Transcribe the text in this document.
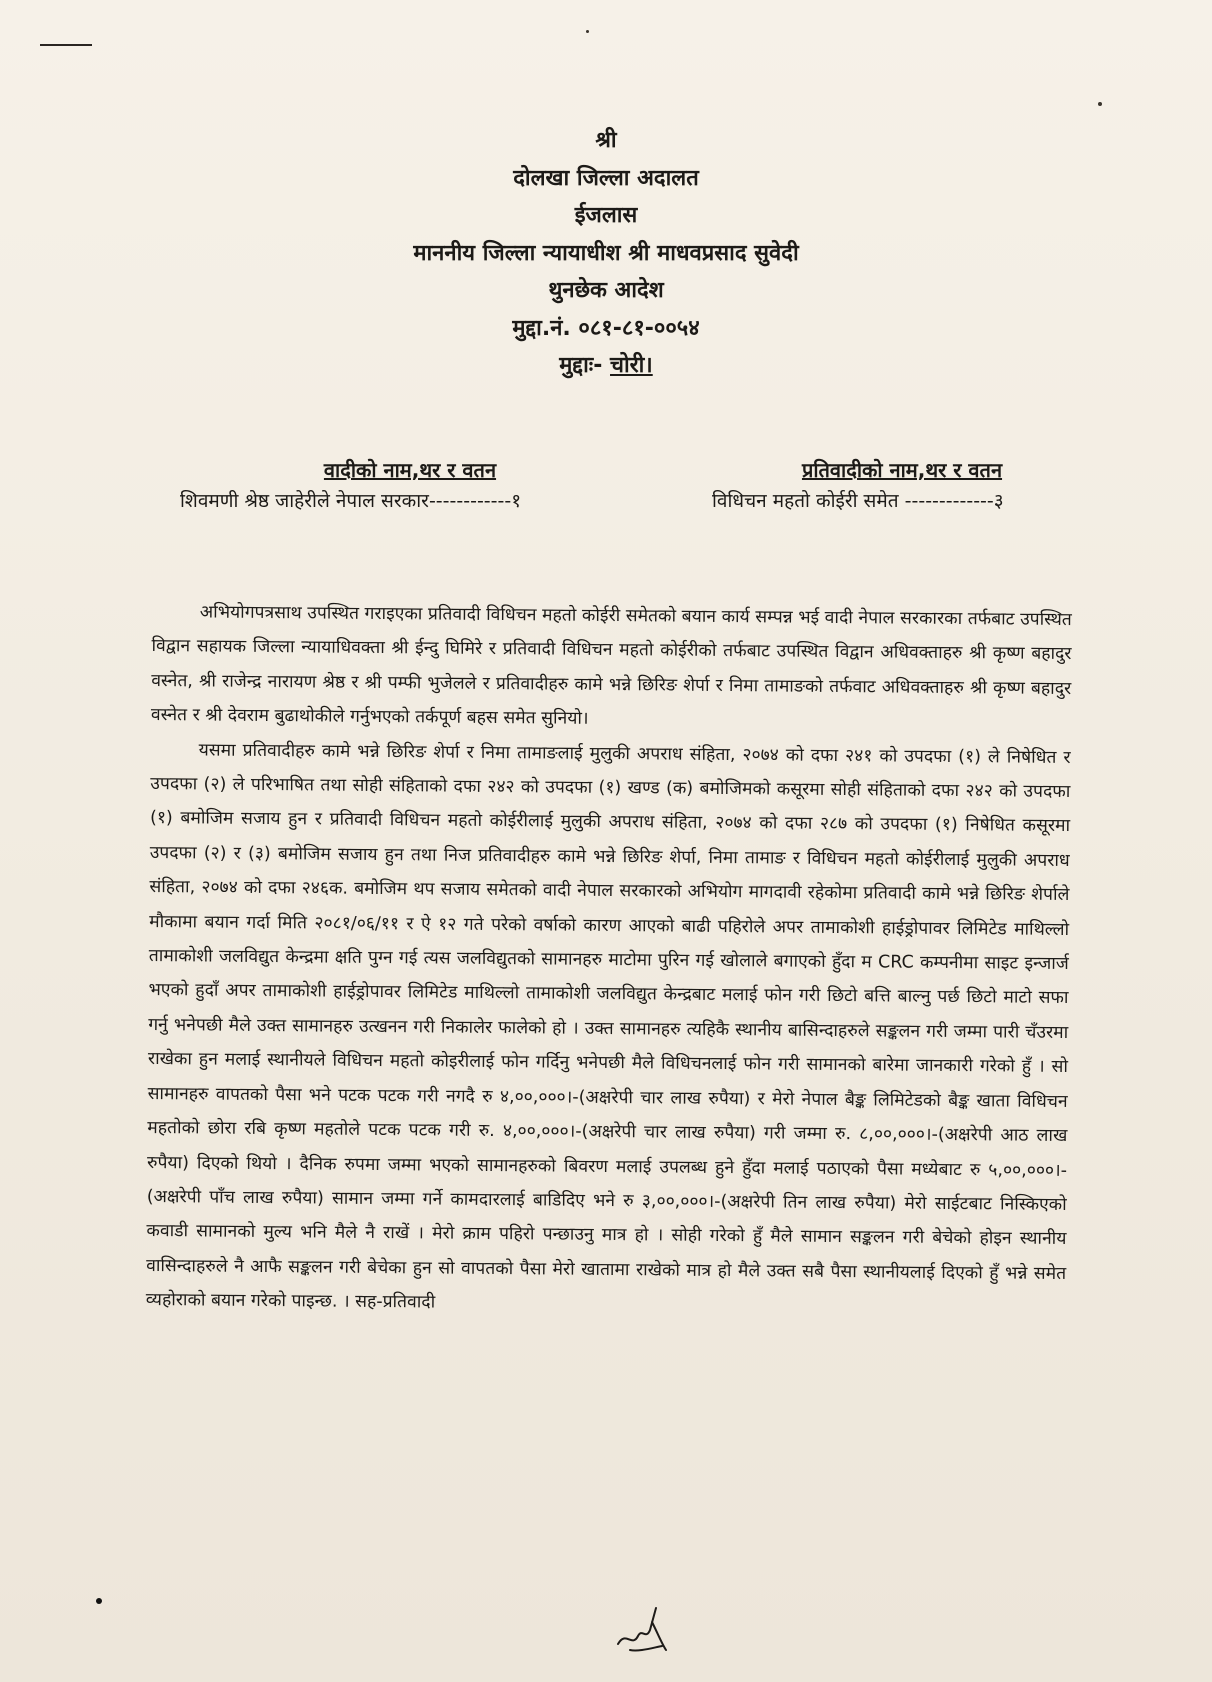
श्री
दोलखा जिल्ला अदालत
ईजलास
माननीय जिल्ला न्यायाधीश श्री माधवप्रसाद सुवेदी
थुनछेक आदेश
मुद्दा.नं. ०८१-८१-००५४
मुद्दाः- चोरी।
वादीको नाम,थर र वतन
शिवमणी श्रेष्ठ जाहेरीले नेपाल सरकार------------१
प्रतिवादीको नाम,थर र वतन
विधिचन महतो कोईरी समेत -------------३

अभियोगपत्रसाथ उपस्थित गराइएका प्रतिवादी विधिचन महतो कोईरी समेतको बयान कार्य सम्पन्न भई वादी नेपाल सरकारका तर्फबाट उपस्थित विद्वान सहायक जिल्ला न्यायाधिवक्ता श्री ईन्दु घिमिरे र प्रतिवादी विधिचन महतो कोईरीको तर्फबाट उपस्थित विद्वान अधिवक्ताहरु श्री कृष्ण बहादुर वस्नेत, श्री राजेन्द्र नारायण श्रेष्ठ र श्री पम्फी भुजेलले र प्रतिवादीहरु कामे भन्ने छिरिङ शेर्पा र निमा तामाङको तर्फवाट अधिवक्ताहरु श्री कृष्ण बहादुर वस्नेत र श्री देवराम बुढाथोकीले गर्नुभएको तर्कपूर्ण बहस समेत सुनियो।

यसमा प्रतिवादीहरु कामे भन्ने छिरिङ शेर्पा र निमा तामाङलाई मुलुकी अपराध संहिता, २०७४ को दफा २४१ को उपदफा (१) ले निषेधित र उपदफा (२) ले परिभाषित तथा सोही संहिताको दफा २४२ को उपदफा (१) खण्ड (क) बमोजिमको कसूरमा सोही संहिताको दफा २४२ को उपदफा (१) बमोजिम सजाय हुन र प्रतिवादी विधिचन महतो कोईरीलाई मुलुकी अपराध संहिता, २०७४ को दफा २८७ को उपदफा (१) निषेधित कसूरमा उपदफा (२) र (३) बमोजिम सजाय हुन तथा निज प्रतिवादीहरु कामे भन्ने छिरिङ शेर्पा, निमा तामाङ र विधिचन महतो कोईरीलाई मुलुकी अपराध संहिता, २०७४ को दफा २४६क. बमोजिम थप सजाय समेतको वादी नेपाल सरकारको अभियोग मागदावी रहेकोमा प्रतिवादी कामे भन्ने छिरिङ शेर्पाले मौकामा बयान गर्दा मिति २०८१/०६/११ र ऐ १२ गते परेको वर्षाको कारण आएको बाढी पहिरोले अपर तामाकोशी हाईड्रोपावर लिमिटेड माथिल्लो तामाकोशी जलविद्युत केन्द्रमा क्षति पुग्न गई त्यस जलविद्युतको सामानहरु माटोमा पुरिन गई खोलाले बगाएको हुँदा म CRC कम्पनीमा साइट इन्जार्ज भएको हुदाँ अपर तामाकोशी हाईड्रोपावर लिमिटेड माथिल्लो तामाकोशी जलविद्युत केन्द्रबाट मलाई फोन गरी छिटो बत्ति बाल्नु पर्छ छिटो माटो सफा गर्नु भनेपछी मैले उक्त सामानहरु उत्खनन गरी निकालेर फालेको हो । उक्त सामानहरु त्यहिकै स्थानीय बासिन्दाहरुले सङ्कलन गरी जम्मा पारी चँउरमा राखेका हुन मलाई स्थानीयले विधिचन महतो कोइरीलाई फोन गर्दिनु भनेपछी मैले विधिचनलाई फोन गरी सामानको बारेमा जानकारी गरेको हुँ । सो सामानहरु वापतको पैसा भने पटक पटक गरी नगदै रु ४,००,०००।-(अक्षरेपी चार लाख रुपैया) र मेरो नेपाल बैङ्क लिमिटेडको बैङ्क खाता विधिचन महतोको छोरा रबि कृष्ण महतोले पटक पटक गरी रु. ४,००,०००।-(अक्षरेपी चार लाख रुपैया) गरी जम्मा रु. ८,००,०००।-(अक्षरेपी आठ लाख रुपैया) दिएको थियो । दैनिक रुपमा जम्मा भएको सामानहरुको बिवरण मलाई उपलब्ध हुने हुँदा मलाई पठाएको पैसा मध्येबाट रु ५,००,०००।-(अक्षरेपी पाँच लाख रुपैया) सामान जम्मा गर्ने कामदारलाई बाडिदिए भने रु ३,००,०००।-(अक्षरेपी तिन लाख रुपैया) मेरो साईटबाट निस्किएको कवाडी सामानको मुल्य भनि मैले नै राखें । मेरो क्राम पहिरो पन्छाउनु मात्र हो । सोही गरेको हुँ मैले सामान सङ्कलन गरी बेचेको होइन स्थानीय वासिन्दाहरुले नै आफै सङ्कलन गरी बेचेका हुन सो वापतको पैसा मेरो खातामा राखेको मात्र हो मैले उक्त सबै पैसा स्थानीयलाई दिएको हुँ भन्ने समेत व्यहोराको बयान गरेको पाइन्छ. । सह-प्रतिवादी
